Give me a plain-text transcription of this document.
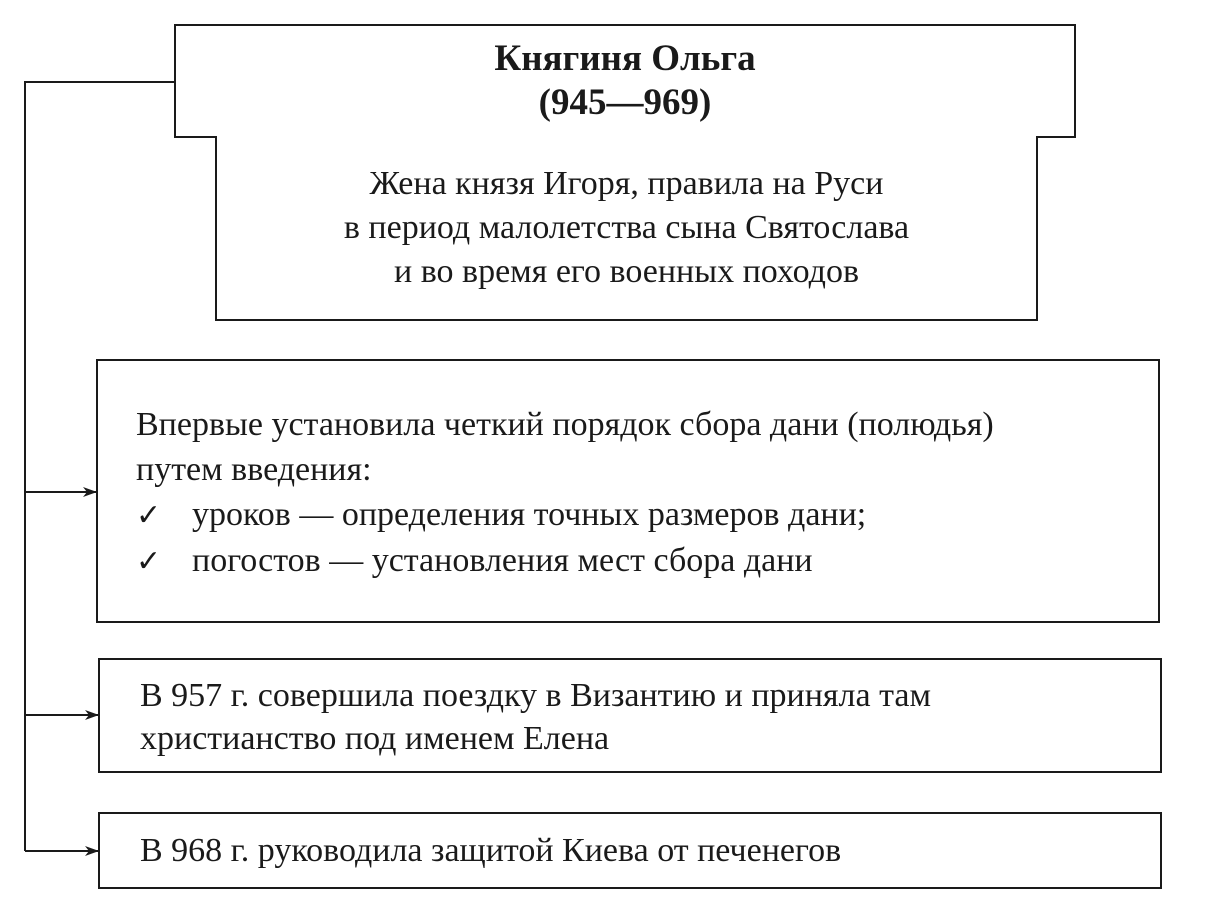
Княгиня Ольга
(945—969)
Жена князя Игоря, правила на Руси
в период малолетства сына Святослава
и во время его военных походов
Впервые установила четкий порядок сбора дани (полюдья)
путем введения:
✓ уроков — определения точных размеров дани;
✓ погостов — установления мест сбора дани
В 957 г. совершила поездку в Византию и приняла там
христианство под именем Елена
В 968 г. руководила защитой Киева от печенегов
